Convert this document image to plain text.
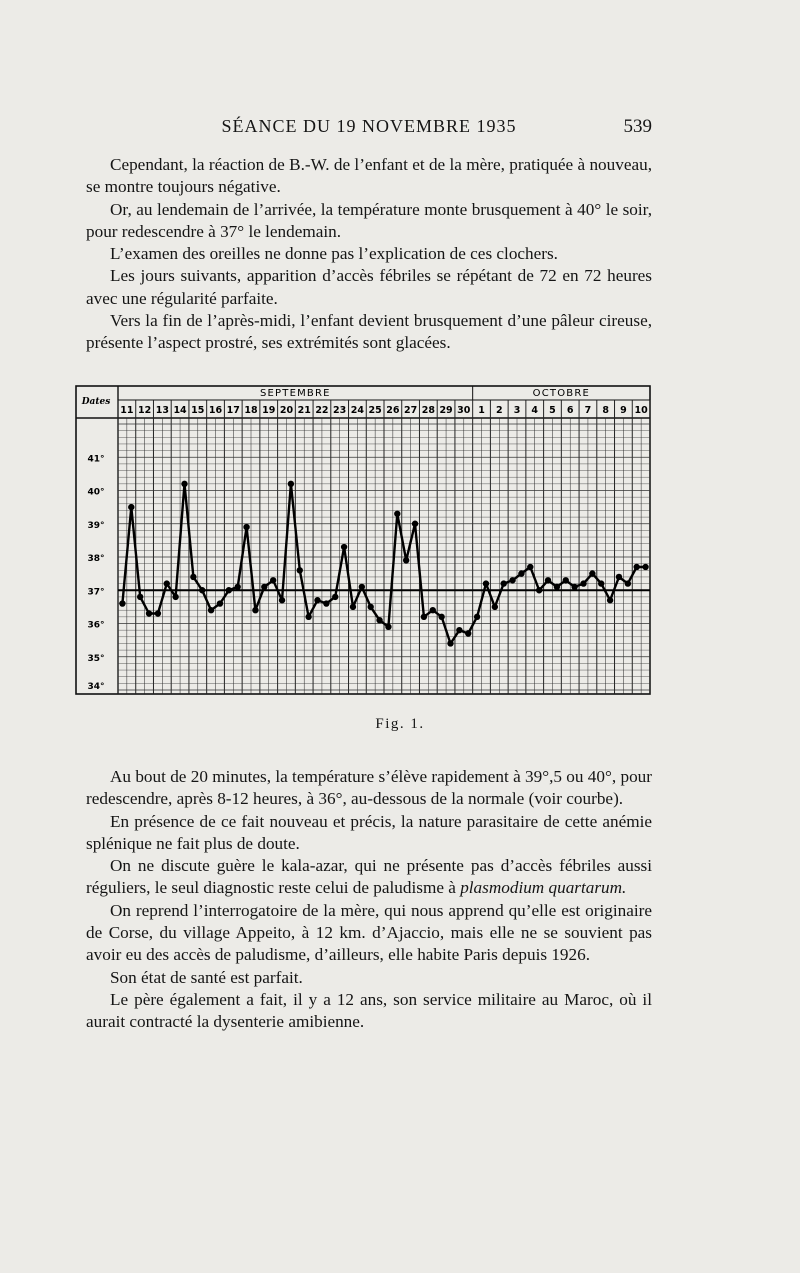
SÉANCE DU 19 NOVEMBRE 1935	539

Cependant, la réaction de B.-W. de l’enfant et de la mère, pratiquée à nouveau, se montre toujours négative.

Or, au lendemain de l’arrivée, la température monte brusquement à 40° le soir, pour redescendre à 37° le lendemain.

L’examen des oreilles ne donne pas l’explication de ces clochers.

Les jours suivants, apparition d’accès fébriles se répétant de 72 en 72 heures avec une régularité parfaite.

Vers la fin de l’après-midi, l’enfant devient brusquement d’une pâleur cireuse, présente l’aspect prostré, ses extrémités sont glacées.

SEPTEMBRE	OCTOBRE
11 12 13 14 15 16 17 18 19 20 21 22 23 24 25 26 27 28 29 30 1 2 3 4 5 6 7 8 9 10
Dates
41°
40°
39°
38°
37°
36°
35°
34°
Fig. 1.

Au bout de 20 minutes, la température s’élève rapidement à 39°,5 ou 40°, pour redescendre, après 8-12 heures, à 36°, au-dessous de la normale (voir courbe).

En présence de ce fait nouveau et précis, la nature parasitaire de cette anémie splénique ne fait plus de doute.

On ne discute guère le kala-azar, qui ne présente pas d’accès fébriles aussi réguliers, le seul diagnostic reste celui de paludisme à plasmodium quartarum.

On reprend l’interrogatoire de la mère, qui nous apprend qu’elle est originaire de Corse, du village Appeito, à 12 km. d’Ajaccio, mais elle ne se souvient pas avoir eu des accès de paludisme, d’ailleurs, elle habite Paris depuis 1926.

Son état de santé est parfait.

Le père également a fait, il y a 12 ans, son service militaire au Maroc, où il aurait contracté la dysenterie amibienne.
